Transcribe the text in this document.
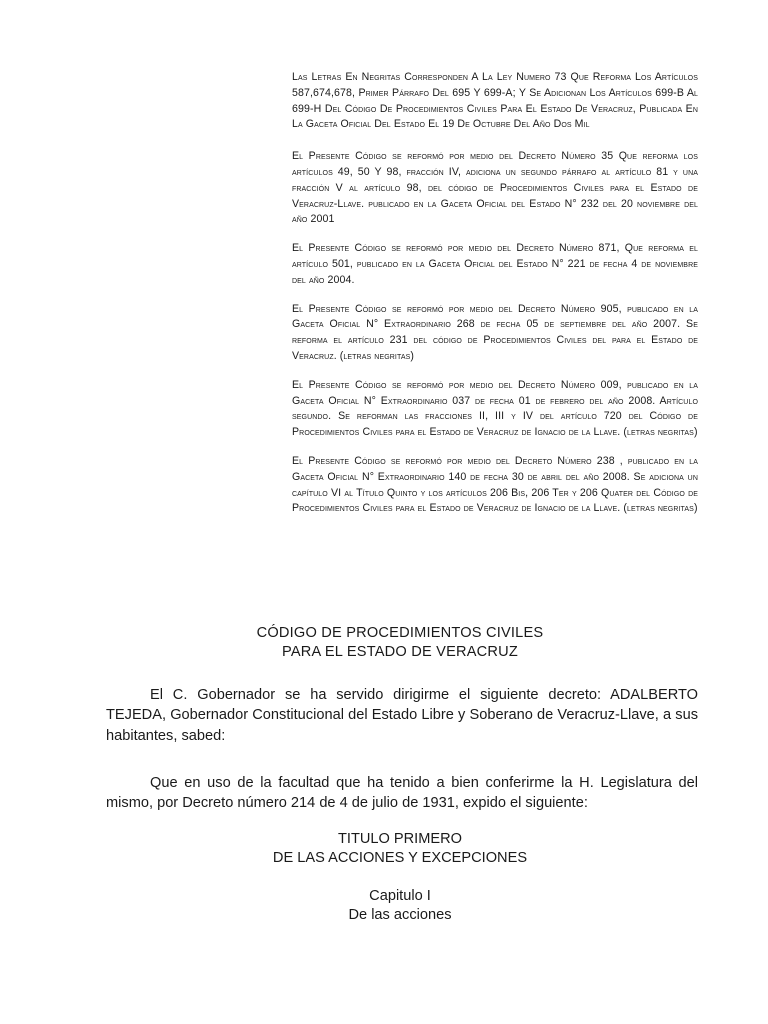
Las Letras En Negritas Corresponden A La Ley Numero 73 Que Reforma Los Artículos 587,674,678, Primer Párrafo Del 695 Y 699-A; Y Se Adicionan Los Artículos 699-B Al 699-H Del Código De Procedimientos Civiles Para El Estado De Veracruz, Publicada En La Gaceta Oficial Del Estado El 19 De Octubre Del Año Dos Mil

El Presente Código se reformó por medio del Decreto Número 35 Que reforma los artículos 49, 50 Y 98, fracción IV, adiciona un segundo párrafo al artículo 81 y una fracción V al artículo 98, del código de Procedimientos Civiles para el Estado de Veracruz-Llave. publicado en la Gaceta Oficial del Estado N° 232 del 20 noviembre del año 2001

El Presente Código se reformó por medio del Decreto Número 871, Que reforma el artículo 501, publicado en la Gaceta Oficial del Estado N° 221 de fecha 4 de noviembre del año 2004.

El Presente Código se reformó por medio del Decreto Número 905, publicado en la Gaceta Oficial N° Extraordinario 268 de fecha 05 de septiembre del año 2007. Se reforma el artículo 231 del código de Procedimientos Civiles del para el Estado de Veracruz. (letras negritas)

El Presente Código se reformó por medio del Decreto Número 009, publicado en la Gaceta Oficial N° Extraordinario 037 de fecha 01 de febrero del año 2008. Artículo segundo. Se reforman las fracciones II, III y IV del artículo 720 del Código de Procedimientos Civiles para el Estado de Veracruz de Ignacio de la Llave. (letras negritas)

El Presente Código se reformó por medio del Decreto Número 238 , publicado en la Gaceta Oficial N° Extraordinario 140 de fecha 30 de abril del año 2008. Se adiciona un capítulo VI al Título Quinto y los artículos 206 Bis, 206 Ter y 206 Quater del Código de Procedimientos Civiles para el Estado de Veracruz de Ignacio de la Llave. (letras negritas)

CÓDIGO DE PROCEDIMIENTOS CIVILES
PARA EL ESTADO DE VERACRUZ

El C. Gobernador se ha servido dirigirme el siguiente decreto: ADALBERTO TEJEDA, Gobernador Constitucional del Estado Libre y Soberano de Veracruz-Llave, a sus habitantes, sabed:

Que en uso de la facultad que ha tenido a bien conferirme la H. Legislatura del mismo, por Decreto número 214 de 4 de julio de 1931, expido el siguiente:

TITULO PRIMERO
DE LAS ACCIONES Y EXCEPCIONES
Capitulo I
De las acciones
